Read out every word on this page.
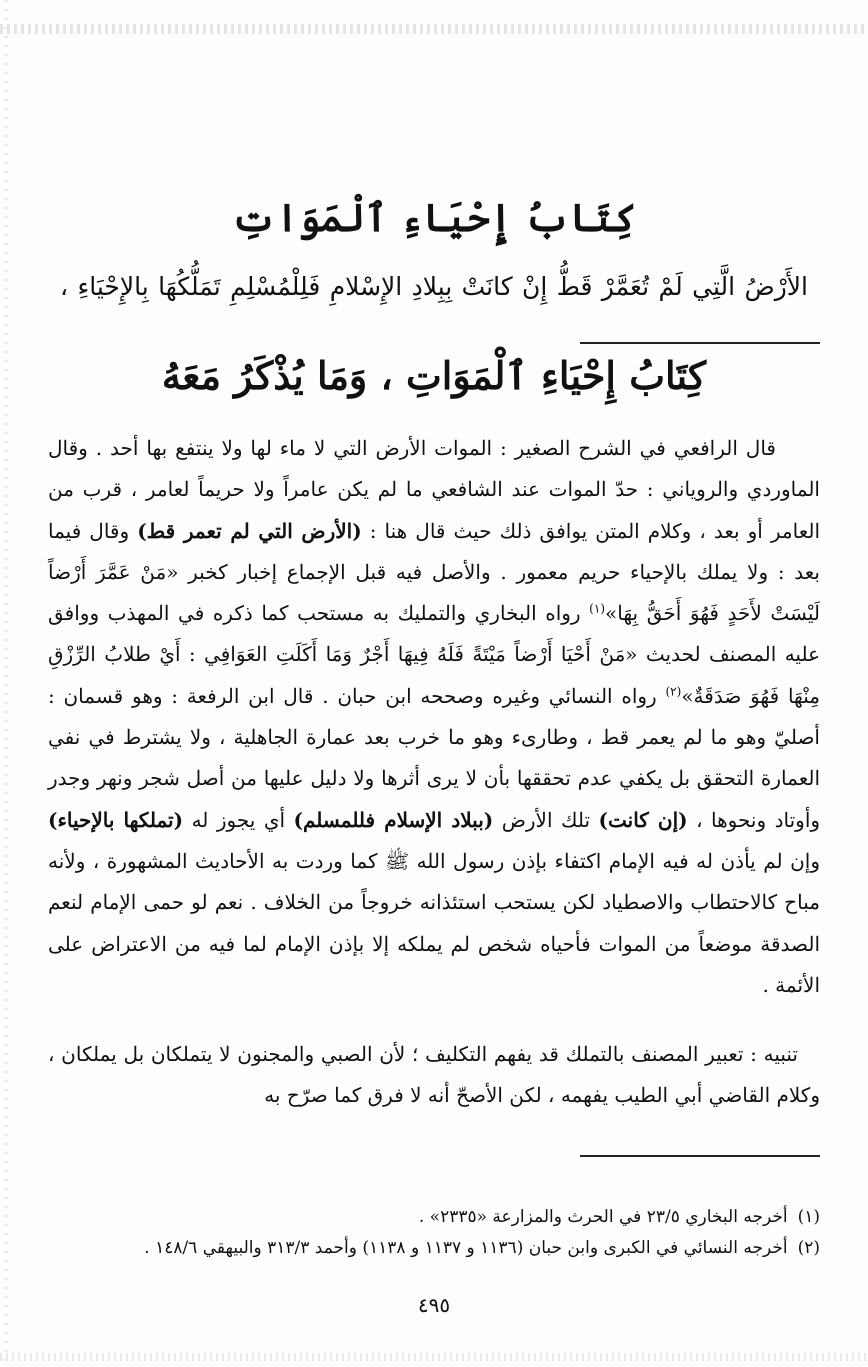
كِتَابُ إِحْيَاءِ ٱلْمَوَاتِ
الأَرْضُ الَّتِي لَمْ تُعَمَّرْ قَطُّ إِنْ كانَتْ بِبِلادِ الإِسْلامِ فَلِلْمُسْلِمِ تَمَلُّكُهَا بِالإِحْيَاءِ ،
كِتَابُ إِحْيَاءِ ٱلْمَوَاتِ ، وَمَا يُذْكَرُ مَعَهُ

قال الرافعي في الشرح الصغير : الموات الأرض التي لا ماء لها ولا ينتفع بها أحد . وقال الماوردي والروياني : حدّ الموات عند الشافعي ما لم يكن عامراً ولا حريماً لعامر ، قرب من العامر أو بعد ، وكلام المتن يوافق ذلك حيث قال هنا : (الأرض التي لم تعمر قط) وقال فيما بعد : ولا يملك بالإحياء حريم معمور . والأصل فيه قبل الإجماع إخبار كخبر «مَنْ عَمَّرَ أَرْضاً لَيْسَتْ لأَحَدٍ فَهُوَ أَحَقُّ بِهَا»$^{(١)}$ رواه البخاري والتمليك به مستحب كما ذكره في المهذب ووافق عليه المصنف لحديث «مَنْ أَحْيَا أَرْضاً مَيْتَةً فَلَهُ فِيهَا أَجْرٌ وَمَا أَكَلَتِ العَوَافِي : أَيْ طلابُ الرِّزْقِ مِنْهَا فَهُوَ صَدَقَةٌ»$^{(٢)}$ رواه النسائي وغيره وصححه ابن حبان . قال ابن الرفعة : وهو قسمان : أصليّ وهو ما لم يعمر قط ، وطارىء وهو ما خرب بعد عمارة الجاهلية ، ولا يشترط في نفي العمارة التحقق بل يكفي عدم تحققها بأن لا يرى أثرها ولا دليل عليها من أصل شجر ونهر وجدر وأوتاد ونحوها ، (إن كانت) تلك الأرض (ببلاد الإسلام فللمسلم) أي يجوز له (تملكها بالإحياء) وإن لم يأذن له فيه الإمام اكتفاء بإذن رسول الله ﷺ كما وردت به الأحاديث المشهورة ، ولأنه مباح كالاحتطاب والاصطياد لكن يستحب استئذانه خروجاً من الخلاف . نعم لو حمى الإمام لنعم الصدقة موضعاً من الموات فأحياه شخص لم يملكه إلا بإذن الإمام لما فيه من الاعتراض على الأئمة .

تنبيه : تعبير المصنف بالتملك قد يفهم التكليف ؛ لأن الصبي والمجنون لا يتملكان بل يملكان ، وكلام القاضي أبي الطيب يفهمه ، لكن الأصحّ أنه لا فرق كما صرّح به

(١)أخرجه البخاري ٢٣/٥ في الحرث والمزارعة «٢٣٣٥» .
(٢)أخرجه النسائي في الكبرى وابن حبان (١١٣٦ و ١١٣٧ و ١١٣٨) وأحمد ٣١٣/٣ والبيهقي ١٤٨/٦ .
٤٩٥
